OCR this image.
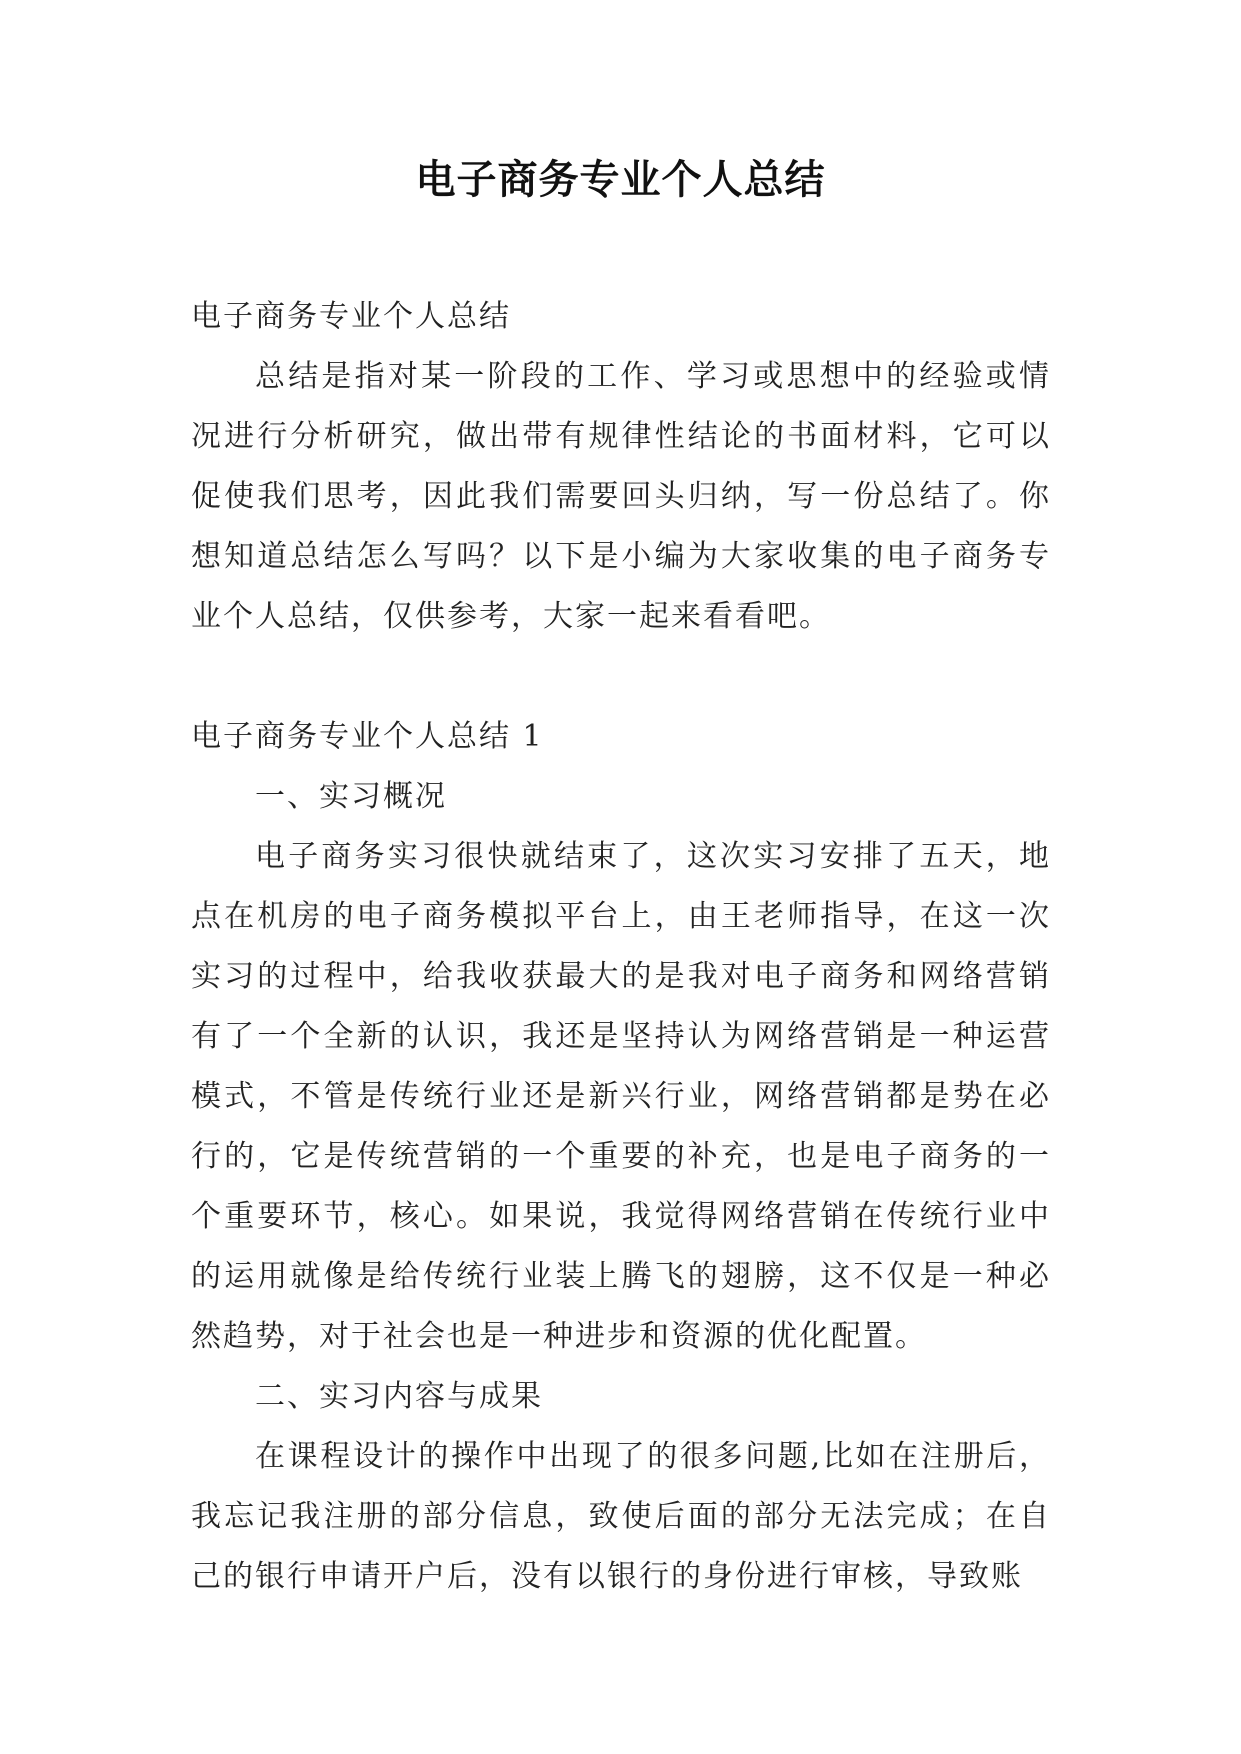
电子商务专业个人总结

电子商务专业个人总结

总结是指对某一阶段的工作、学习或思想中的经验或情况进行分析研究，做出带有规律性结论的书面材料，它可以促使我们思考，因此我们需要回头归纳，写一份总结了。你想知道总结怎么写吗？以下是小编为大家收集的电子商务专业个人总结，仅供参考，大家一起来看看吧。

电子商务专业个人总结 1

一、实习概况

电子商务实习很快就结束了，这次实习安排了五天，地点在机房的电子商务模拟平台上，由王老师指导，在这一次实习的过程中，给我收获最大的是我对电子商务和网络营销有了一个全新的认识，我还是坚持认为网络营销是一种运营模式，不管是传统行业还是新兴行业，网络营销都是势在必行的，它是传统营销的一个重要的补充，也是电子商务的一个重要环节，核心。如果说，我觉得网络营销在传统行业中的运用就像是给传统行业装上腾飞的翅膀，这不仅是一种必然趋势，对于社会也是一种进步和资源的优化配置。

二、实习内容与成果

在课程设计的操作中出现了的很多问题,比如在注册后，我忘记我注册的部分信息，致使后面的部分无法完成；在自己的银行申请开户后，没有以银行的身份进行审核，导致账
